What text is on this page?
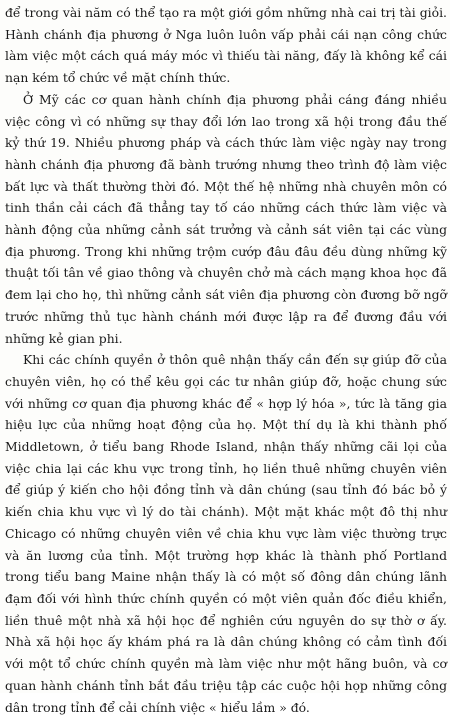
để trong vài năm có thể tạo ra một giới gồm những nhà cai trị tài giỏi. Hành chánh địa phương ở Nga luôn luôn vấp phải cái nạn công chức làm việc một cách quá máy móc vì thiếu tài năng, đấy là không kể cái nạn kém tổ chức về mặt chính thức.

Ở Mỹ các cơ quan hành chính địa phương phải cáng đáng nhiều việc công vì có những sự thay đổi lớn lao trong xã hội trong đầu thế kỷ thứ 19. Nhiều phương pháp và cách thức làm việc ngày nay trong hành chánh địa phương đã bành trướng nhưng theo trình độ làm việc bất lực và thất thường thời đó. Một thế hệ những nhà chuyên môn có tinh thần cải cách đã thẳng tay tố cáo những cách thức làm việc và hành động của những cảnh sát trưởng và cảnh sát viên tại các vùng địa phương. Trong khi những trộm cướp đâu đâu đều dùng những kỹ thuật tối tân về giao thông và chuyên chở mà cách mạng khoa học đã đem lại cho họ, thì những cảnh sát viên địa phương còn đương bỡ ngỡ trước những thủ tục hành chánh mới được lập ra để đương đầu với những kẻ gian phi.

Khi các chính quyền ở thôn quê nhận thấy cần đến sự giúp đỡ của chuyên viên, họ có thể kêu gọi các tư nhân giúp đỡ, hoặc chung sức với những cơ quan địa phương khác để « hợp lý hóa », tức là tăng gia hiệu lực của những hoạt động của họ. Một thí dụ là khi thành phố Middletown, ở tiểu bang Rhode Island, nhận thấy những cãi lọi của việc chia lại các khu vực trong tỉnh, họ liền thuê những chuyên viên để giúp ý kiến cho hội đồng tỉnh và dân chúng (sau tỉnh đó bác bỏ ý kiến chia khu vực vì lý do tài chánh). Một mặt khác một đô thị như Chicago có những chuyên viên về chia khu vực làm việc thường trực và ăn lương của tỉnh. Một trường hợp khác là thành phố Portland trong tiểu bang Maine nhận thấy là có một số đông dân chúng lãnh đạm đối với hình thức chính quyền có một viên quản đốc điều khiển, liền thuê một nhà xã hội học để nghiên cứu nguyên do sự thờ ơ ấy. Nhà xã hội học ấy khám phá ra là dân chúng không có cảm tình đối với một tổ chức chính quyền mà làm việc như một hãng buôn, và cơ quan hành chánh tỉnh bắt đầu triệu tập các cuộc hội họp những công dân trong tỉnh để cải chính việc « hiểu lầm » đó.
